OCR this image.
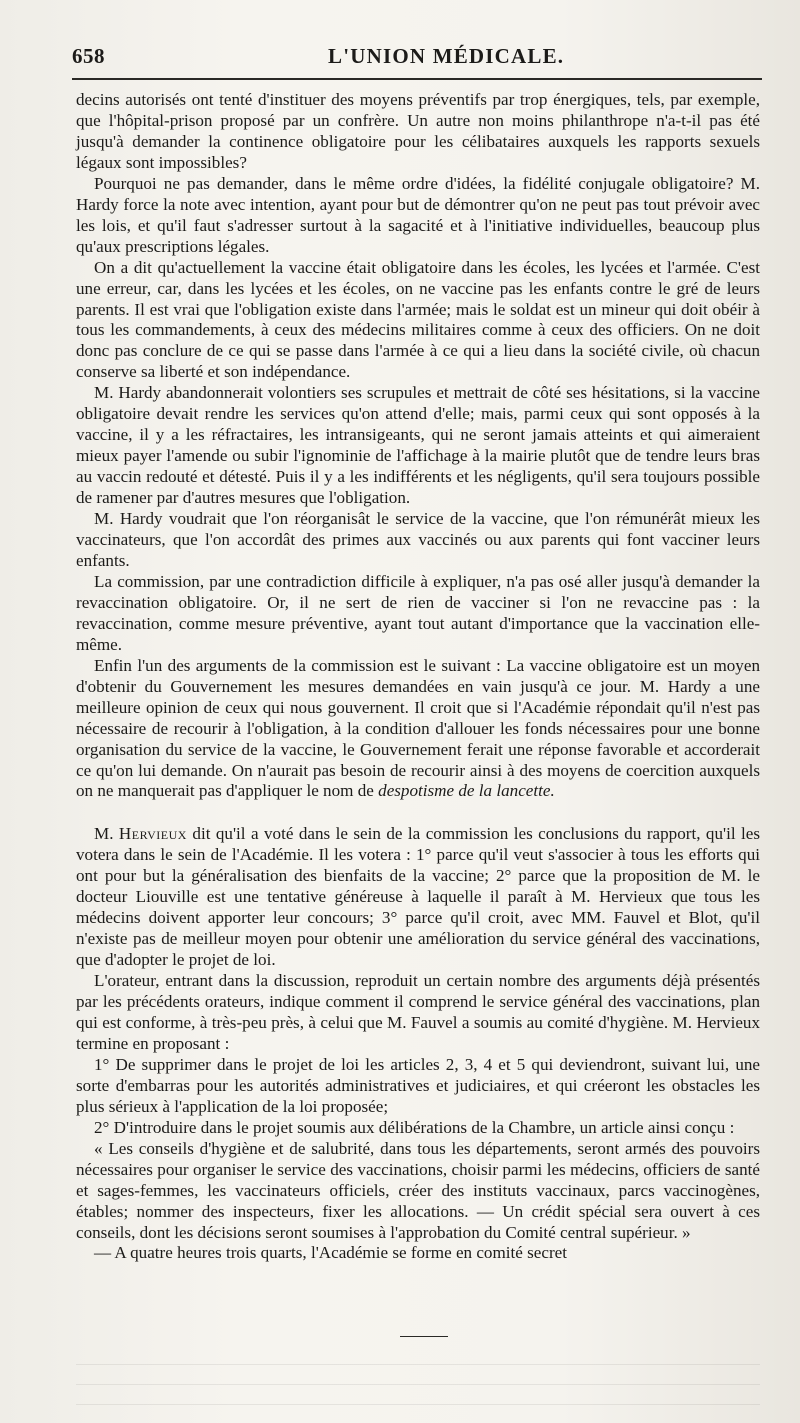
658	L'UNION MÉDICALE.

decins autorisés ont tenté d'instituer des moyens préventifs par trop énergiques, tels, par exemple, que l'hôpital-prison proposé par un confrère. Un autre non moins philanthrope n'a-t-il pas été jusqu'à demander la continence obligatoire pour les célibataires auxquels les rapports sexuels légaux sont impossibles?

Pourquoi ne pas demander, dans le même ordre d'idées, la fidélité conjugale obligatoire? M. Hardy force la note avec intention, ayant pour but de démontrer qu'on ne peut pas tout prévoir avec les lois, et qu'il faut s'adresser surtout à la sagacité et à l'initiative individuelles, beaucoup plus qu'aux prescriptions légales.

On a dit qu'actuellement la vaccine était obligatoire dans les écoles, les lycées et l'armée. C'est une erreur, car, dans les lycées et les écoles, on ne vaccine pas les enfants contre le gré de leurs parents. Il est vrai que l'obligation existe dans l'armée; mais le soldat est un mineur qui doit obéir à tous les commandements, à ceux des médecins militaires comme à ceux des officiers. On ne doit donc pas conclure de ce qui se passe dans l'armée à ce qui a lieu dans la société civile, où chacun conserve sa liberté et son indépendance.

M. Hardy abandonnerait volontiers ses scrupules et mettrait de côté ses hésitations, si la vaccine obligatoire devait rendre les services qu'on attend d'elle; mais, parmi ceux qui sont opposés à la vaccine, il y a les réfractaires, les intransigeants, qui ne seront jamais atteints et qui aimeraient mieux payer l'amende ou subir l'ignominie de l'affichage à la mairie plutôt que de tendre leurs bras au vaccin redouté et détesté. Puis il y a les indifférents et les négligents, qu'il sera toujours possible de ramener par d'autres mesures que l'obligation.

M. Hardy voudrait que l'on réorganisât le service de la vaccine, que l'on rémunérât mieux les vaccinateurs, que l'on accordât des primes aux vaccinés ou aux parents qui font vacciner leurs enfants.

La commission, par une contradiction difficile à expliquer, n'a pas osé aller jusqu'à demander la revaccination obligatoire. Or, il ne sert de rien de vacciner si l'on ne revaccine pas : la revaccination, comme mesure préventive, ayant tout autant d'importance que la vaccination elle-même.

Enfin l'un des arguments de la commission est le suivant : La vaccine obligatoire est un moyen d'obtenir du Gouvernement les mesures demandées en vain jusqu'à ce jour. M. Hardy a une meilleure opinion de ceux qui nous gouvernent. Il croit que si l'Académie répondait qu'il n'est pas nécessaire de recourir à l'obligation, à la condition d'allouer les fonds nécessaires pour une bonne organisation du service de la vaccine, le Gouvernement ferait une réponse favorable et accorderait ce qu'on lui demande. On n'aurait pas besoin de recourir ainsi à des moyens de coercition auxquels on ne manquerait pas d'appliquer le nom de despotisme de la lancette.

M. Hervieux dit qu'il a voté dans le sein de la commission les conclusions du rapport, qu'il les votera dans le sein de l'Académie. Il les votera : 1° parce qu'il veut s'associer à tous les efforts qui ont pour but la généralisation des bienfaits de la vaccine; 2° parce que la proposition de M. le docteur Liouville est une tentative généreuse à laquelle il paraît à M. Hervieux que tous les médecins doivent apporter leur concours; 3° parce qu'il croit, avec MM. Fauvel et Blot, qu'il n'existe pas de meilleur moyen pour obtenir une amélioration du service général des vaccinations, que d'adopter le projet de loi.

L'orateur, entrant dans la discussion, reproduit un certain nombre des arguments déjà présentés par les précédents orateurs, indique comment il comprend le service général des vaccinations, plan qui est conforme, à très-peu près, à celui que M. Fauvel a soumis au comité d'hygiène. M. Hervieux termine en proposant :

1° De supprimer dans le projet de loi les articles 2, 3, 4 et 5 qui deviendront, suivant lui, une sorte d'embarras pour les autorités administratives et judiciaires, et qui créeront les obstacles les plus sérieux à l'application de la loi proposée;

2° D'introduire dans le projet soumis aux délibérations de la Chambre, un article ainsi conçu :

« Les conseils d'hygiène et de salubrité, dans tous les départements, seront armés des pouvoirs nécessaires pour organiser le service des vaccinations, choisir parmi les médecins, officiers de santé et sages-femmes, les vaccinateurs officiels, créer des instituts vaccinaux, parcs vaccinogènes, étables; nommer des inspecteurs, fixer les allocations. — Un crédit spécial sera ouvert à ces conseils, dont les décisions seront soumises à l'approbation du Comité central supérieur. »

— A quatre heures trois quarts, l'Académie se forme en comité secret
